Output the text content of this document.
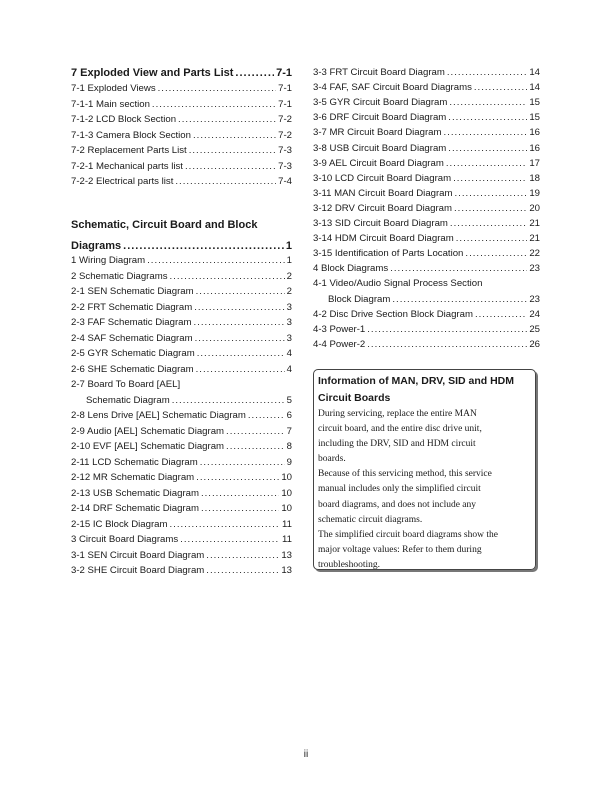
7 Exploded View and Parts List .....	7-1
7-1 Exploded Views .....	7-1
7-1-1 Main section .....	7-1
7-1-2 LCD Block Section .....	7-2
7-1-3 Camera Block Section .....	7-2
7-2 Replacement Parts List .....	7-3
7-2-1 Mechanical parts list .....	7-3
7-2-2 Electrical parts list .....	7-4
Schematic, Circuit Board and Block
Diagrams .....	1
1 Wiring Diagram .....	1
2 Schematic Diagrams .....	2
2-1 SEN Schematic Diagram .....	2
2-2 FRT Schematic Diagram .....	3
2-3 FAF Schematic Diagram .....	3
2-4 SAF Schematic Diagram .....	3
2-5 GYR Schematic Diagram .....	4
2-6 SHE Schematic Diagram .....	4
2-7 Board To Board [AEL]
Schematic Diagram .....	5
2-8 Lens Drive [AEL] Schematic Diagram .....	6
2-9 Audio [AEL] Schematic Diagram .....	7
2-10 EVF [AEL] Schematic Diagram .....	8
2-11 LCD Schematic Diagram .....	9
2-12 MR Schematic Diagram .....	10
2-13 USB Schematic Diagram .....	10
2-14 DRF Schematic Diagram .....	10
2-15 IC Block Diagram .....	11
3 Circuit Board Diagrams .....	11
3-1 SEN Circuit Board Diagram .....	13
3-2 SHE Circuit Board Diagram .....	13
3-3 FRT Circuit Board Diagram .....	14
3-4 FAF, SAF Circuit Board Diagrams .....	14
3-5 GYR Circuit Board Diagram .....	15
3-6 DRF Circuit Board Diagram .....	15
3-7 MR Circuit Board Diagram .....	16
3-8 USB Circuit Board Diagram .....	16
3-9 AEL Circuit Board Diagram .....	17
3-10 LCD Circuit Board Diagram .....	18
3-11 MAN Circuit Board Diagram .....	19
3-12 DRV Circuit Board Diagram .....	20
3-13 SID Circuit Board Diagram .....	21
3-14 HDM Circuit Board Diagram .....	21
3-15 Identification of Parts Location .....	22
4 Block Diagrams .....	23
4-1 Video/Audio Signal Process Section
Block Diagram .....	23
4-2 Disc Drive Section Block Diagram .....	24
4-3 Power-1 .....	25
4-4 Power-2 .....	26
Information of MAN, DRV, SID and HDM
Circuit Boards

During servicing, replace the entire MAN

circuit board, and the entire disc drive unit,

including the DRV, SID and HDM circuit

boards.

Because of this servicing method, this service

manual includes only the simplified circuit

board diagrams, and does not include any

schematic circuit diagrams.

The simplified circuit board diagrams show the

major voltage values: Refer to them during

troubleshooting.

ii
